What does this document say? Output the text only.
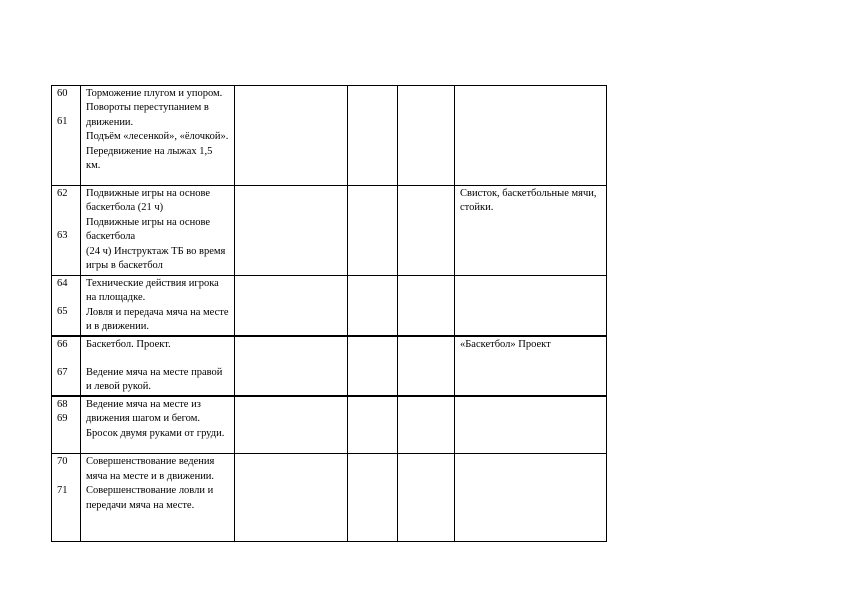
60
61	Торможение плугом и упором.
Повороты переступанием в движении.
Подъём «лесенкой», «ёлочкой». Передвижение на лыжах 1,5 км.				

62
63	Подвижные игры на основе баскетбола (21 ч)
Подвижные игры на основе баскетбола
(24 ч) Инструктаж ТБ во время игры в баскетбол				Свисток, баскетбольные мячи, стойки.

64
65	Технические действия игрока на площадке.
Ловля и передача мяча на месте и в движении.				

66
67	Баскетбол. Проект.
Ведение мяча на месте правой и левой рукой.				«Баскетбол» Проект

68
69	Ведение мяча на месте из движения шагом и бегом.
Бросок двумя руками от груди.				

70
71	Совершенствование ведения мяча на месте и в движении.
Совершенствование ловли и передачи мяча на месте.				
